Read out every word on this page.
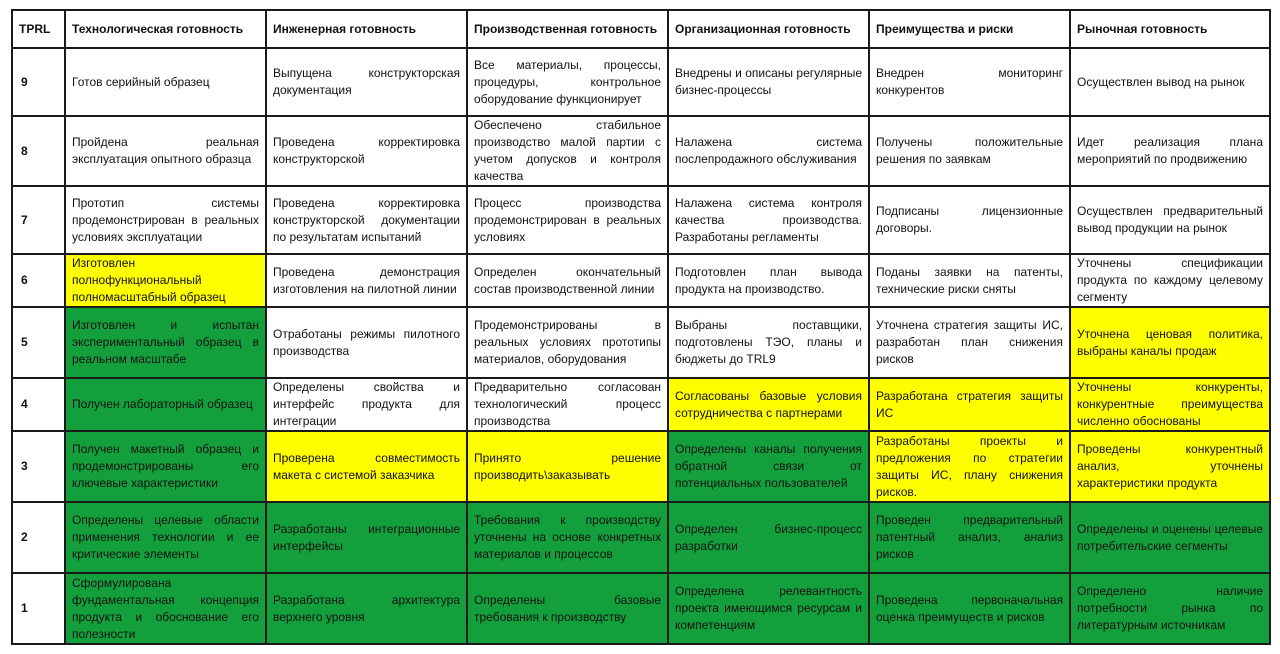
TPRL	Технологическая готовность	Инженерная готовность	Производственная готовность	Организационная готовность	Преимущества и риски	Рыночная готовность
9	Готов серийный образец	Выпущена конструкторская документация	Все материалы, процессы, процедуры, контрольное оборудование функционирует	Внедрены и описаны регулярные бизнес-процессы	Внедрен мониторинг конкурентов	Осуществлен вывод на рынок

8	Пройдена реальная эксплуатация опытного образца	Проведена корректировка конструкторской	Обеспечено стабильное производство малой партии с учетом допусков и контроля качества	Налажена система послепродажного обслуживания	Получены положительные решения по заявкам	Идет реализация плана мероприятий по продвижению

7	Прототип системы продемонстрирован в реальных условиях эксплуатации	Проведена корректировка конструкторской документации по результатам испытаний	Процесс производства продемонстрирован в реальных условиях	Налажена система контроля качества производства. Разработаны регламенты	Подписаны лицензионные договоры.	Осуществлен предварительный вывод продукции на рынок

6	Изготовлен полнофункциональный полномасштабный образец	Проведена демонстрация изготовления на пилотной линии	Определен окончательный состав производственной линии	Подготовлен план вывода продукта на производство.	Поданы заявки на патенты, технические риски сняты	Уточнены спецификации продукта по каждому целевому сегменту

5	Изготовлен и испытан экспериментальный образец в реальном масштабе	Отработаны режимы пилотного производства	Продемонстрированы в реальных условиях прототипы материалов, оборудования	Выбраны поставщики, подготовлены ТЭО, планы и бюджеты до TRL9	Уточнена стратегия защиты ИС, разработан план снижения рисков	Уточнена ценовая политика, выбраны каналы продаж

4	Получен лабораторный образец	Определены свойства и интерфейс продукта для интеграции	Предварительно согласован технологический процесс производства	Согласованы базовые условия сотрудничества с партнерами	Разработана стратегия защиты ИС	Уточнены конкуренты, конкурентные преимущества численно обоснованы

3	Получен макетный образец и продемонстрированы его ключевые характеристики	Проверена совместимость макета с системой заказчика	Принято решение производить\заказывать	Определены каналы получения обратной связи от потенциальных пользователей	Разработаны проекты и предложения по стратегии защиты ИС, плану снижения рисков.	Проведены конкурентный анализ, уточнены характеристики продукта

2	Определены целевые области применения технологии и ее критические элементы	Разработаны интеграционные интерфейсы	Требования к производству уточнены на основе конкретных материалов и процессов	Определен бизнес-процесс разработки	Проведен предварительный патентный анализ, анализ рисков	Определены и оценены целевые потребительские сегменты

1	Сформулирована фундаментальная концепция продукта и обоснование его полезности	Разработана архитектура верхнего уровня	Определены базовые требования к производству	Определена релевантность проекта имеющимся ресурсам и компетенциям	Проведена первоначальная оценка преимуществ и рисков	Определено наличие потребности рынка по литературным источникам
